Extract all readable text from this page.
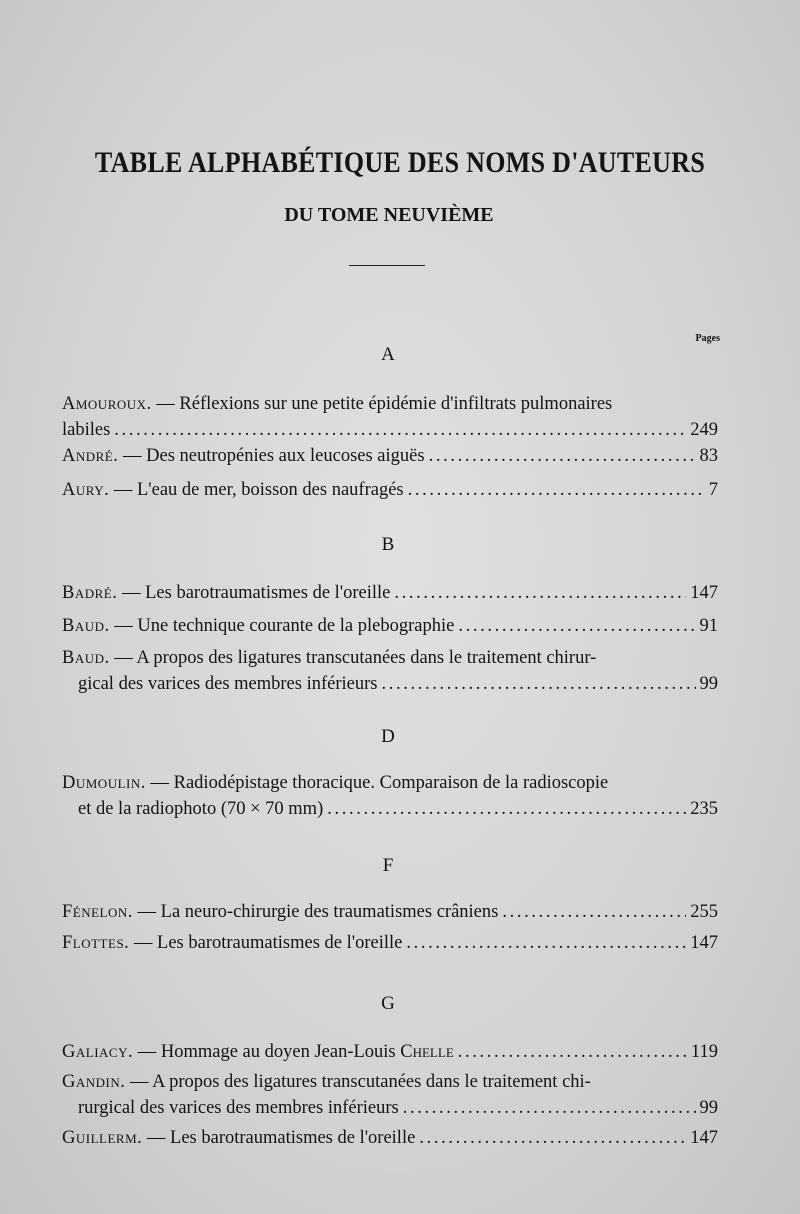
TABLE ALPHABÉTIQUE DES NOMS D'AUTEURS
DU TOME NEUVIÈME
Pages
A
Amouroux. — Réflexions sur une petite épidémie d'infiltrats pulmonaires
labiles . . .	249
André. — Des neutropénies aux leucoses aiguës . . .	83
Aury. — L'eau de mer, boisson des naufragés . . .	7
B
Badré. — Les barotraumatismes de l'oreille . . .	147
Baud. — Une technique courante de la plebographie . . .	91
Baud. — A propos des ligatures transcutanées dans le traitement chirur-
gical des varices des membres inférieurs . . .	99
D
Dumoulin. — Radiodépistage thoracique. Comparaison de la radioscopie
et de la radiophoto (70 × 70 mm) . . .	235
F
Fénelon. — La neuro-chirurgie des traumatismes crâniens . . .	255
Flottes. — Les barotraumatismes de l'oreille . . .	147
G
Galiacy. — Hommage au doyen Jean-Louis Chelle . . .	119
Gandin. — A propos des ligatures transcutanées dans le traitement chi-
rurgical des varices des membres inférieurs . . .	99
Guillerm. — Les barotraumatismes de l'oreille . . .	147
